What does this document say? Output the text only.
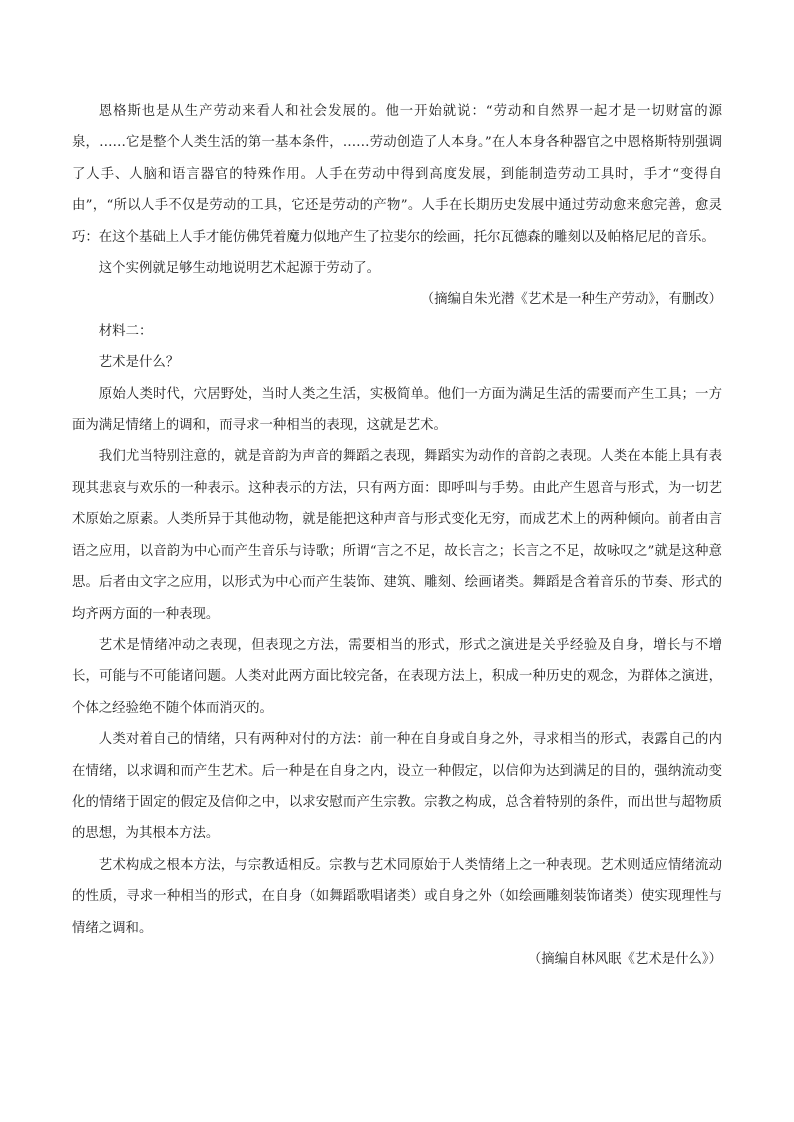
恩格斯也是从生产劳动来看人和社会发展的。他一开始就说：“劳动和自然界一起才是一切财富的源泉，……它是整个人类生活的第一基本条件，……劳动创造了人本身。”在人本身各种器官之中恩格斯特别强调了人手、人脑和语言器官的特殊作用。人手在劳动中得到高度发展，到能制造劳动工具时，手才“变得自由”，“所以人手不仅是劳动的工具，它还是劳动的产物”。人手在长期历史发展中通过劳动愈来愈完善，愈灵巧：在这个基础上人手才能仿佛凭着魔力似地产生了拉斐尔的绘画，托尔瓦德森的雕刻以及帕格尼尼的音乐。

这个实例就足够生动地说明艺术起源于劳动了。

（摘编自朱光潜《艺术是一种生产劳动》，有删改）

材料二：

艺术是什么？

原始人类时代，穴居野处，当时人类之生活，实极简单。他们一方面为满足生活的需要而产生工具；一方面为满足情绪上的调和，而寻求一种相当的表现，这就是艺术。

我们尤当特别注意的，就是音韵为声音的舞蹈之表现，舞蹈实为动作的音韵之表现。人类在本能上具有表现其悲哀与欢乐的一种表示。这种表示的方法，只有两方面：即呼叫与手势。由此产生恩音与形式，为一切艺术原始之原素。人类所异于其他动物，就是能把这种声音与形式变化无穷，而成艺术上的两种倾向。前者由言语之应用，以音韵为中心而产生音乐与诗歌；所谓“言之不足，故长言之；长言之不足，故咏叹之”就是这种意思。后者由文字之应用，以形式为中心而产生装饰、建筑、雕刻、绘画诸类。舞蹈是含着音乐的节奏、形式的均齐两方面的一种表现。

艺术是情绪冲动之表现，但表现之方法，需要相当的形式，形式之演进是关乎经验及自身，增长与不增长，可能与不可能诸问题。人类对此两方面比较完备，在表现方法上，积成一种历史的观念，为群体之演进，个体之经验绝不随个体而消灭的。

人类对着自己的情绪，只有两种对付的方法：前一种在自身或自身之外，寻求相当的形式，表露自己的内在情绪，以求调和而产生艺术。后一种是在自身之内，设立一种假定，以信仰为达到满足的目的，强纳流动变化的情绪于固定的假定及信仰之中，以求安慰而产生宗教。宗教之构成，总含着特别的条件，而出世与超物质的思想，为其根本方法。

艺术构成之根本方法，与宗教适相反。宗教与艺术同原始于人类情绪上之一种表现。艺术则适应情绪流动的性质，寻求一种相当的形式，在自身（如舞蹈歌唱诸类）或自身之外（如绘画雕刻装饰诸类）使实现理性与情绪之调和。

（摘编自林风眠《艺术是什么》）
